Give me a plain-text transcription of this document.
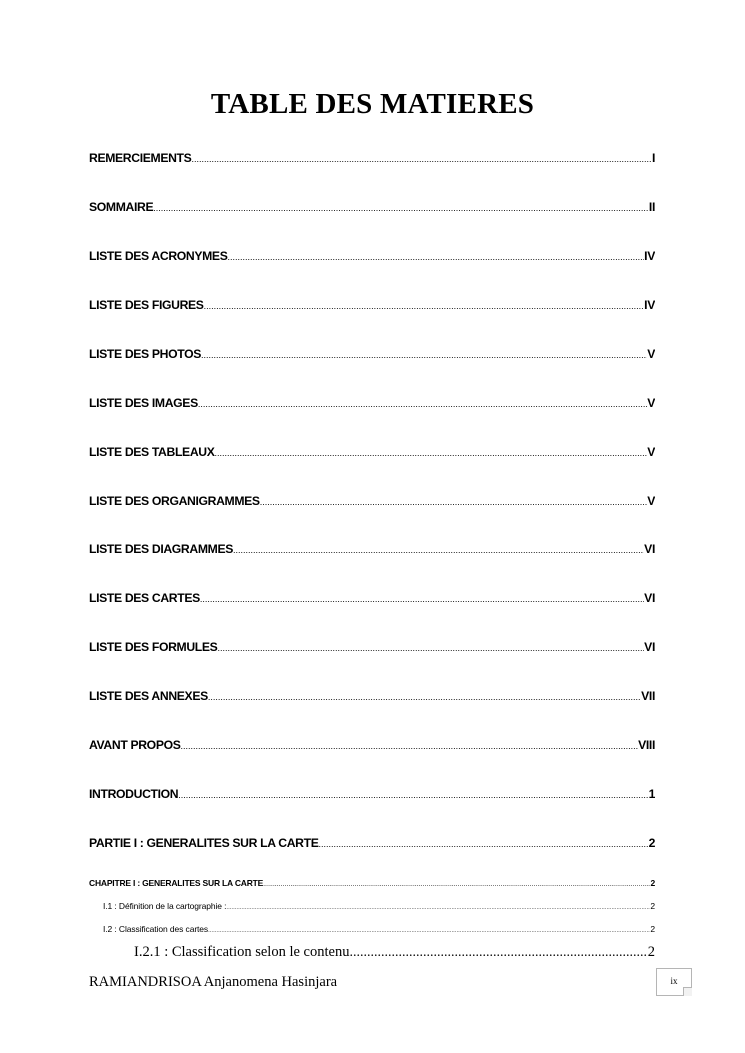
TABLE DES MATIERES
REMERCIEMENTS .....	I
SOMMAIRE .....	II
LISTE DES ACRONYMES .....	IV
LISTE DES FIGURES .....	IV
LISTE DES PHOTOS .....	V
LISTE DES IMAGES .....	V
LISTE DES TABLEAUX .....	V
LISTE DES ORGANIGRAMMES .....	V
LISTE DES DIAGRAMMES .....	VI
LISTE DES CARTES .....	VI
LISTE DES FORMULES .....	VI
LISTE DES ANNEXES .....	VII
AVANT PROPOS .....	VIII
INTRODUCTION .....	1
PARTIE I : GENERALITES SUR LA CARTE .....	2
CHAPITRE I : GENERALITES SUR LA CARTE .....	2
I.1 : Définition de la cartographie : .....	2
I.2 : Classification des cartes .....	2
I.2.1 : Classification selon le contenu .....	2
RAMIANDRISOA Anjanomena Hasinjara	ix
